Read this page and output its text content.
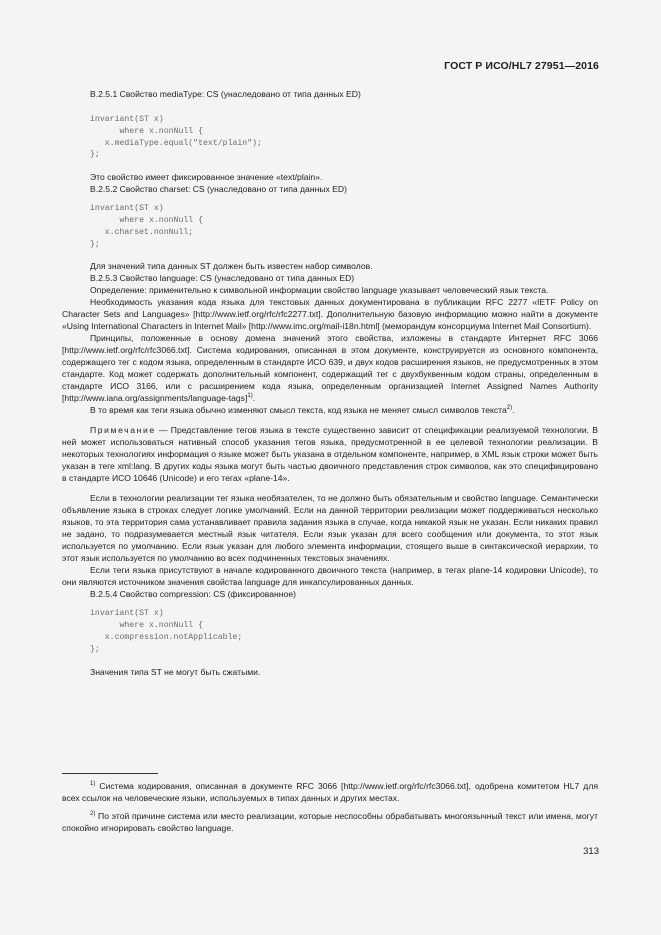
ГОСТ Р ИСО/HL7 27951—2016

B.2.5.1 Свойство mediaType: CS (унаследовано от типа данных ED)

invariant(ST x)

where x.nonNull {

x.mediaType.equal("text/plain");

};

Это свойство имеет фиксированное значение «text/plain».

B.2.5.2 Свойство charset: CS (унаследовано от типа данных ED)

invariant(ST x)

where x.nonNull {

x.charset.nonNull;

};

Для значений типа данных ST должен быть известен набор символов.

B.2.5.3 Свойство language: CS (унаследовано от типа данных ED)

Определение: применительно к символьной информации свойство language указывает человеческий язык текста.

Необходимость указания кода языка для текстовых данных документирована в публикации RFC 2277 «IETF Policy on Character Sets and Languages» [http://www.ietf.org/rfc/rfc2277.txt]. Дополнительную базовую информацию можно найти в документе «Using International Characters in Internet Mail» [http://www.imc.org/mail-i18n.html] (меморандум консорциума Internet Mail Consortium).

Принципы, положенные в основу домена значений этого свойства, изложены в стандарте Интернет RFC 3066 [http://www.ietf.org/rfc/rfc3066.txt]. Система кодирования, описанная в этом документе, конструируется из основного компонента, содержащего тег с кодом языка, определенным в стандарте ИСО 639, и двух кодов расширения языков, не предусмотренных в этом стандарте. Код может содержать дополнительный компонент, содержащий тег с двухбуквенным кодом страны, определенным в стандарте ИСО 3166, или с расширением кода языка, определенным организацией Internet Assigned Names Authority [http://www.iana.org/assignments/language-tags]$^{1)}$.

В то время как теги языка обычно изменяют смысл текста, код языка не меняет смысл символов текста$^{2)}$.

Примечание — Представление тегов языка в тексте существенно зависит от спецификации реализуемой технологии. В ней может использоваться нативный способ указания тегов языка, предусмотренной в ее целевой технологии реализации. В некоторых технологиях информация о языке может быть указана в отдельном компоненте, например, в XML язык строки может быть указан в теге xml:lang. В других коды языка могут быть частью двоичного представления строк символов, как это специфицировано в стандарте ИСО 10646 (Unicode) и его тегах «plane-14».

Если в технологии реализации тег языка необязателен, то не должно быть обязательным и свойство language. Семантически объявление языка в строках следует логике умолчаний. Если на данной территории реализации может поддерживаться несколько языков, то эта территория сама устанавливает правила задания языка в случае, когда никакой язык не указан. Если никаких правил не задано, то подразумевается местный язык читателя. Если язык указан для всего сообщения или документа, то этот язык используется по умолчанию. Если язык указан для любого элемента информации, стоящего выше в синтаксической иерархии, то этот язык используется по умолчанию во всех подчиненных текстовых значениях.

Если теги языка присутствуют в начале кодированного двоичного текста (например, в тегах plane-14 кодировки Unicode), то они являются источником значения свойства language для инкапсулированных данных.

B.2.5.4 Свойство compression: CS (фиксированное)

invariant(ST x)

where x.nonNull {

x.compression.notApplicable;

};

Значения типа ST не могут быть сжатыми.

$^{1)}$ Система кодирования, описанная в документе RFC 3066 [http://www.ietf.org/rfc/rfc3066.txt], одобрена комитетом HL7 для всех ссылок на человеческие языки, используемых в типах данных и других местах.

$^{2)}$ По этой причине система или место реализации, которые неспособны обрабатывать многоязычный текст или имена, могут спокойно игнорировать свойство language.

313
